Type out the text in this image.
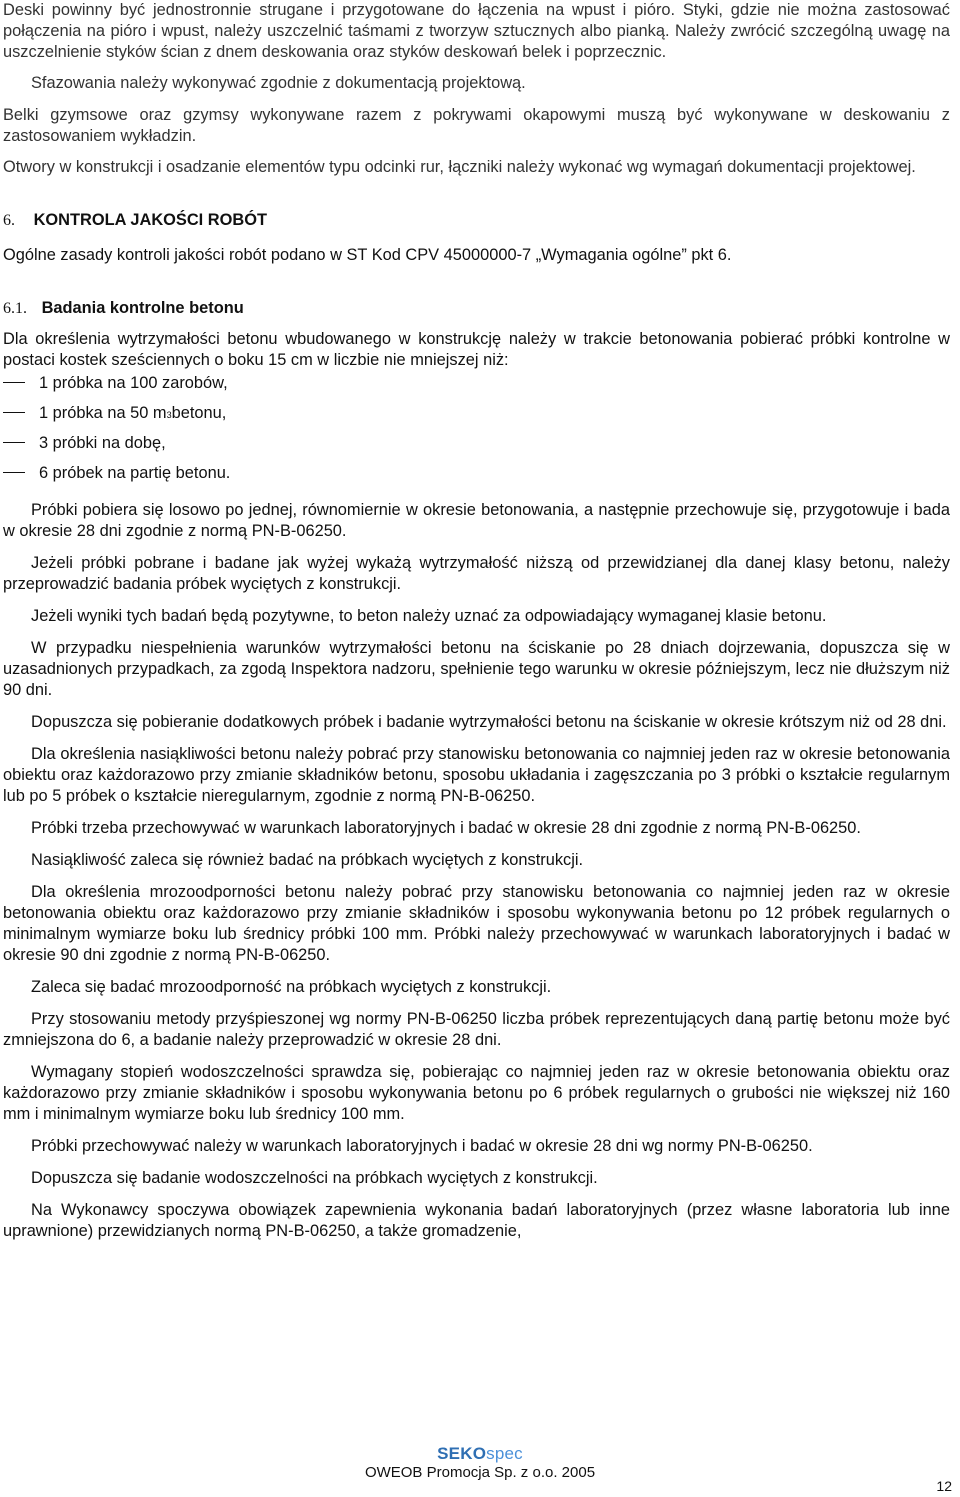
Deski powinny być jednostronnie strugane i przygotowane do łączenia na wpust i pióro. Styki, gdzie nie można zastosować połączenia na pióro i wpust, należy uszczelnić taśmami z tworzyw sztucznych albo pianką. Należy zwrócić szczególną uwagę na uszczelnienie styków ścian z dnem deskowania oraz styków deskowań belek i poprzecznic.

Sfazowania należy wykonywać zgodnie z dokumentacją projektową.

Belki gzymsowe oraz gzymsy wykonywane razem z pokrywami okapowymi muszą być wykonywane w deskowaniu z zastosowaniem wykładzin.

Otwory w konstrukcji i osadzanie elementów typu odcinki rur, łączniki należy wykonać wg wymagań dokumentacji projektowej.

6. KONTROLA JAKOŚCI ROBÓT

Ogólne zasady kontroli jakości robót podano w ST Kod CPV 45000000-7 „Wymagania ogólne” pkt 6.

6.1. Badania kontrolne betonu

Dla określenia wytrzymałości betonu wbudowanego w konstrukcję należy w trakcie betonowania pobierać próbki kontrolne w postaci kostek sześciennych o boku 15 cm w liczbie nie mniejszej niż:

1 próbka na 100 zarobów,
1 próbka na 50 m 3 betonu,
3 próbki na dobę,
6 próbek na partię betonu.

Próbki pobiera się losowo po jednej, równomiernie w okresie betonowania, a następnie przechowuje się, przygotowuje i bada w okresie 28 dni zgodnie z normą PN-B-06250.

Jeżeli próbki pobrane i badane jak wyżej wykażą wytrzymałość niższą od przewidzianej dla danej klasy betonu, należy przeprowadzić badania próbek wyciętych z konstrukcji.

Jeżeli wyniki tych badań będą pozytywne, to beton należy uznać za odpowiadający wymaganej klasie betonu.

W przypadku niespełnienia warunków wytrzymałości betonu na ściskanie po 28 dniach dojrzewania, dopuszcza się w uzasadnionych przypadkach, za zgodą Inspektora nadzoru, spełnienie tego warunku w okresie późniejszym, lecz nie dłuższym niż 90 dni.

Dopuszcza się pobieranie dodatkowych próbek i badanie wytrzymałości betonu na ściskanie w okresie krótszym niż od 28 dni.

Dla określenia nasiąkliwości betonu należy pobrać przy stanowisku betonowania co najmniej jeden raz w okresie betonowania obiektu oraz każdorazowo przy zmianie składników betonu, sposobu układania i zagęszczania po 3 próbki o kształcie regularnym lub po 5 próbek o kształcie nieregularnym, zgodnie z normą PN-B-06250.

Próbki trzeba przechowywać w warunkach laboratoryjnych i badać w okresie 28 dni zgodnie z normą PN-B-06250.

Nasiąkliwość zaleca się również badać na próbkach wyciętych z konstrukcji.

Dla określenia mrozoodporności betonu należy pobrać przy stanowisku betonowania co najmniej jeden raz w okresie betonowania obiektu oraz każdorazowo przy zmianie składników i sposobu wykonywania betonu po 12 próbek regularnych o minimalnym wymiarze boku lub średnicy próbki 100 mm. Próbki należy przechowywać w warunkach laboratoryjnych i badać w okresie 90 dni zgodnie z normą PN-B-06250.

Zaleca się badać mrozoodporność na próbkach wyciętych z konstrukcji.

Przy stosowaniu metody przyśpieszonej wg normy PN-B-06250 liczba próbek reprezentujących daną partię betonu może być zmniejszona do 6, a badanie należy przeprowadzić w okresie 28 dni.

Wymagany stopień wodoszczelności sprawdza się, pobierając co najmniej jeden raz w okresie betonowania obiektu oraz każdorazowo przy zmianie składników i sposobu wykonywania betonu po 6 próbek regularnych o grubości nie większej niż 160 mm i minimalnym wymiarze boku lub średnicy 100 mm.

Próbki przechowywać należy w warunkach laboratoryjnych i badać w okresie 28 dni wg normy PN-B-06250.

Dopuszcza się badanie wodoszczelności na próbkach wyciętych z konstrukcji.

Na Wykonawcy spoczywa obowiązek zapewnienia wykonania badań laboratoryjnych (przez własne laboratoria lub inne uprawnione) przewidzianych normą PN-B-06250, a także gromadzenie,

SEKOspec
OWEOB Promocja Sp. z o.o. 2005
12
